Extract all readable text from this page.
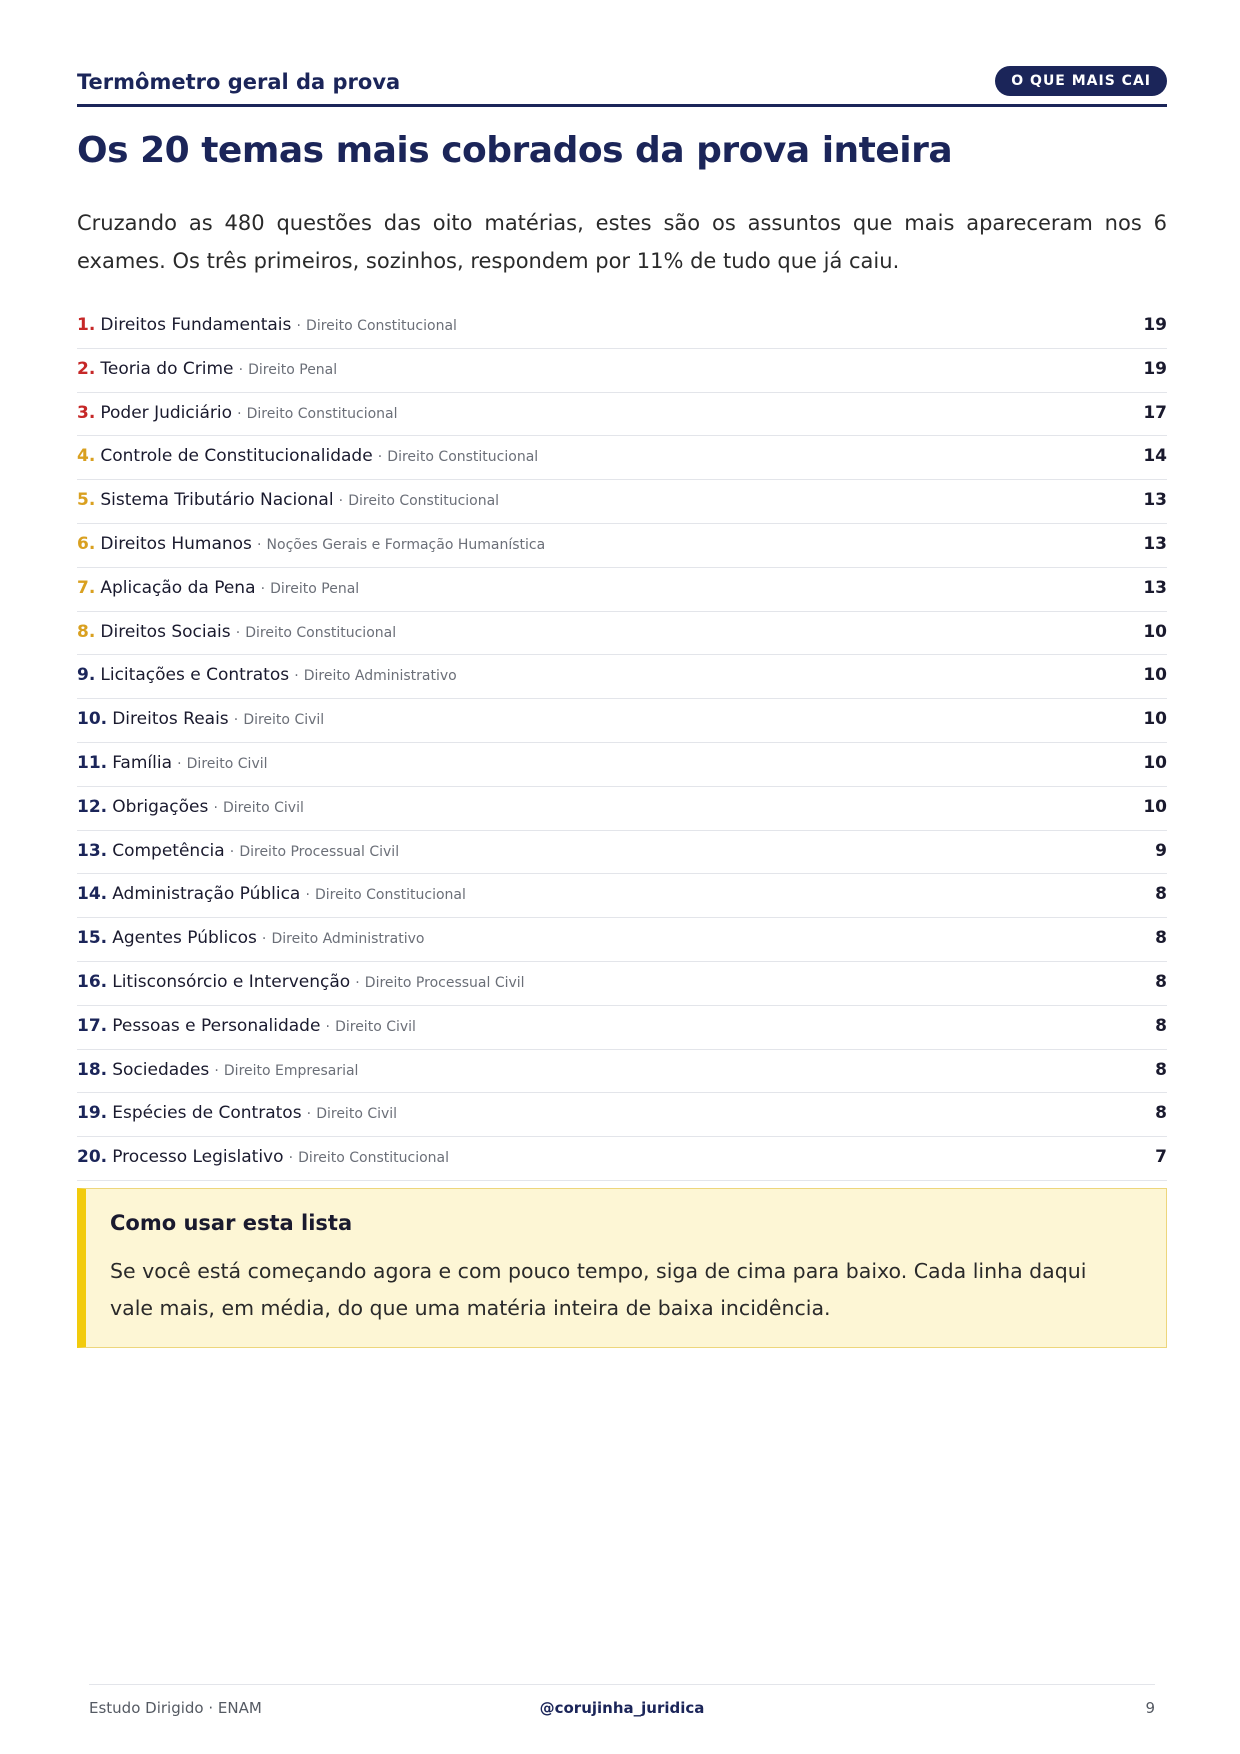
Termômetro geral da prova	O QUE MAIS CAI
Os 20 temas mais cobrados da prova inteira

Cruzando as 480 questões das oito matérias, estes são os assuntos que mais apareceram nos 6 exames. Os três primeiros, sozinhos, respondem por 11% de tudo que já caiu.

1. Direitos Fundamentais · Direito Constitucional	19
2. Teoria do Crime · Direito Penal	19
3. Poder Judiciário · Direito Constitucional	17
4. Controle de Constitucionalidade · Direito Constitucional	14
5. Sistema Tributário Nacional · Direito Constitucional	13
6. Direitos Humanos · Noções Gerais e Formação Humanística	13
7. Aplicação da Pena · Direito Penal	13
8. Direitos Sociais · Direito Constitucional	10
9. Licitações e Contratos · Direito Administrativo	10
10. Direitos Reais · Direito Civil	10
11. Família · Direito Civil	10
12. Obrigações · Direito Civil	10
13. Competência · Direito Processual Civil	9
14. Administração Pública · Direito Constitucional	8
15. Agentes Públicos · Direito Administrativo	8
16. Litisconsórcio e Intervenção · Direito Processual Civil	8
17. Pessoas e Personalidade · Direito Civil	8
18. Sociedades · Direito Empresarial	8
19. Espécies de Contratos · Direito Civil	8
20. Processo Legislativo · Direito Constitucional	7
Como usar esta lista

Se você está começando agora e com pouco tempo, siga de cima para baixo. Cada linha daqui vale mais, em média, do que uma matéria inteira de baixa incidência.

Estudo Dirigido · ENAM	@corujinha_juridica	9
